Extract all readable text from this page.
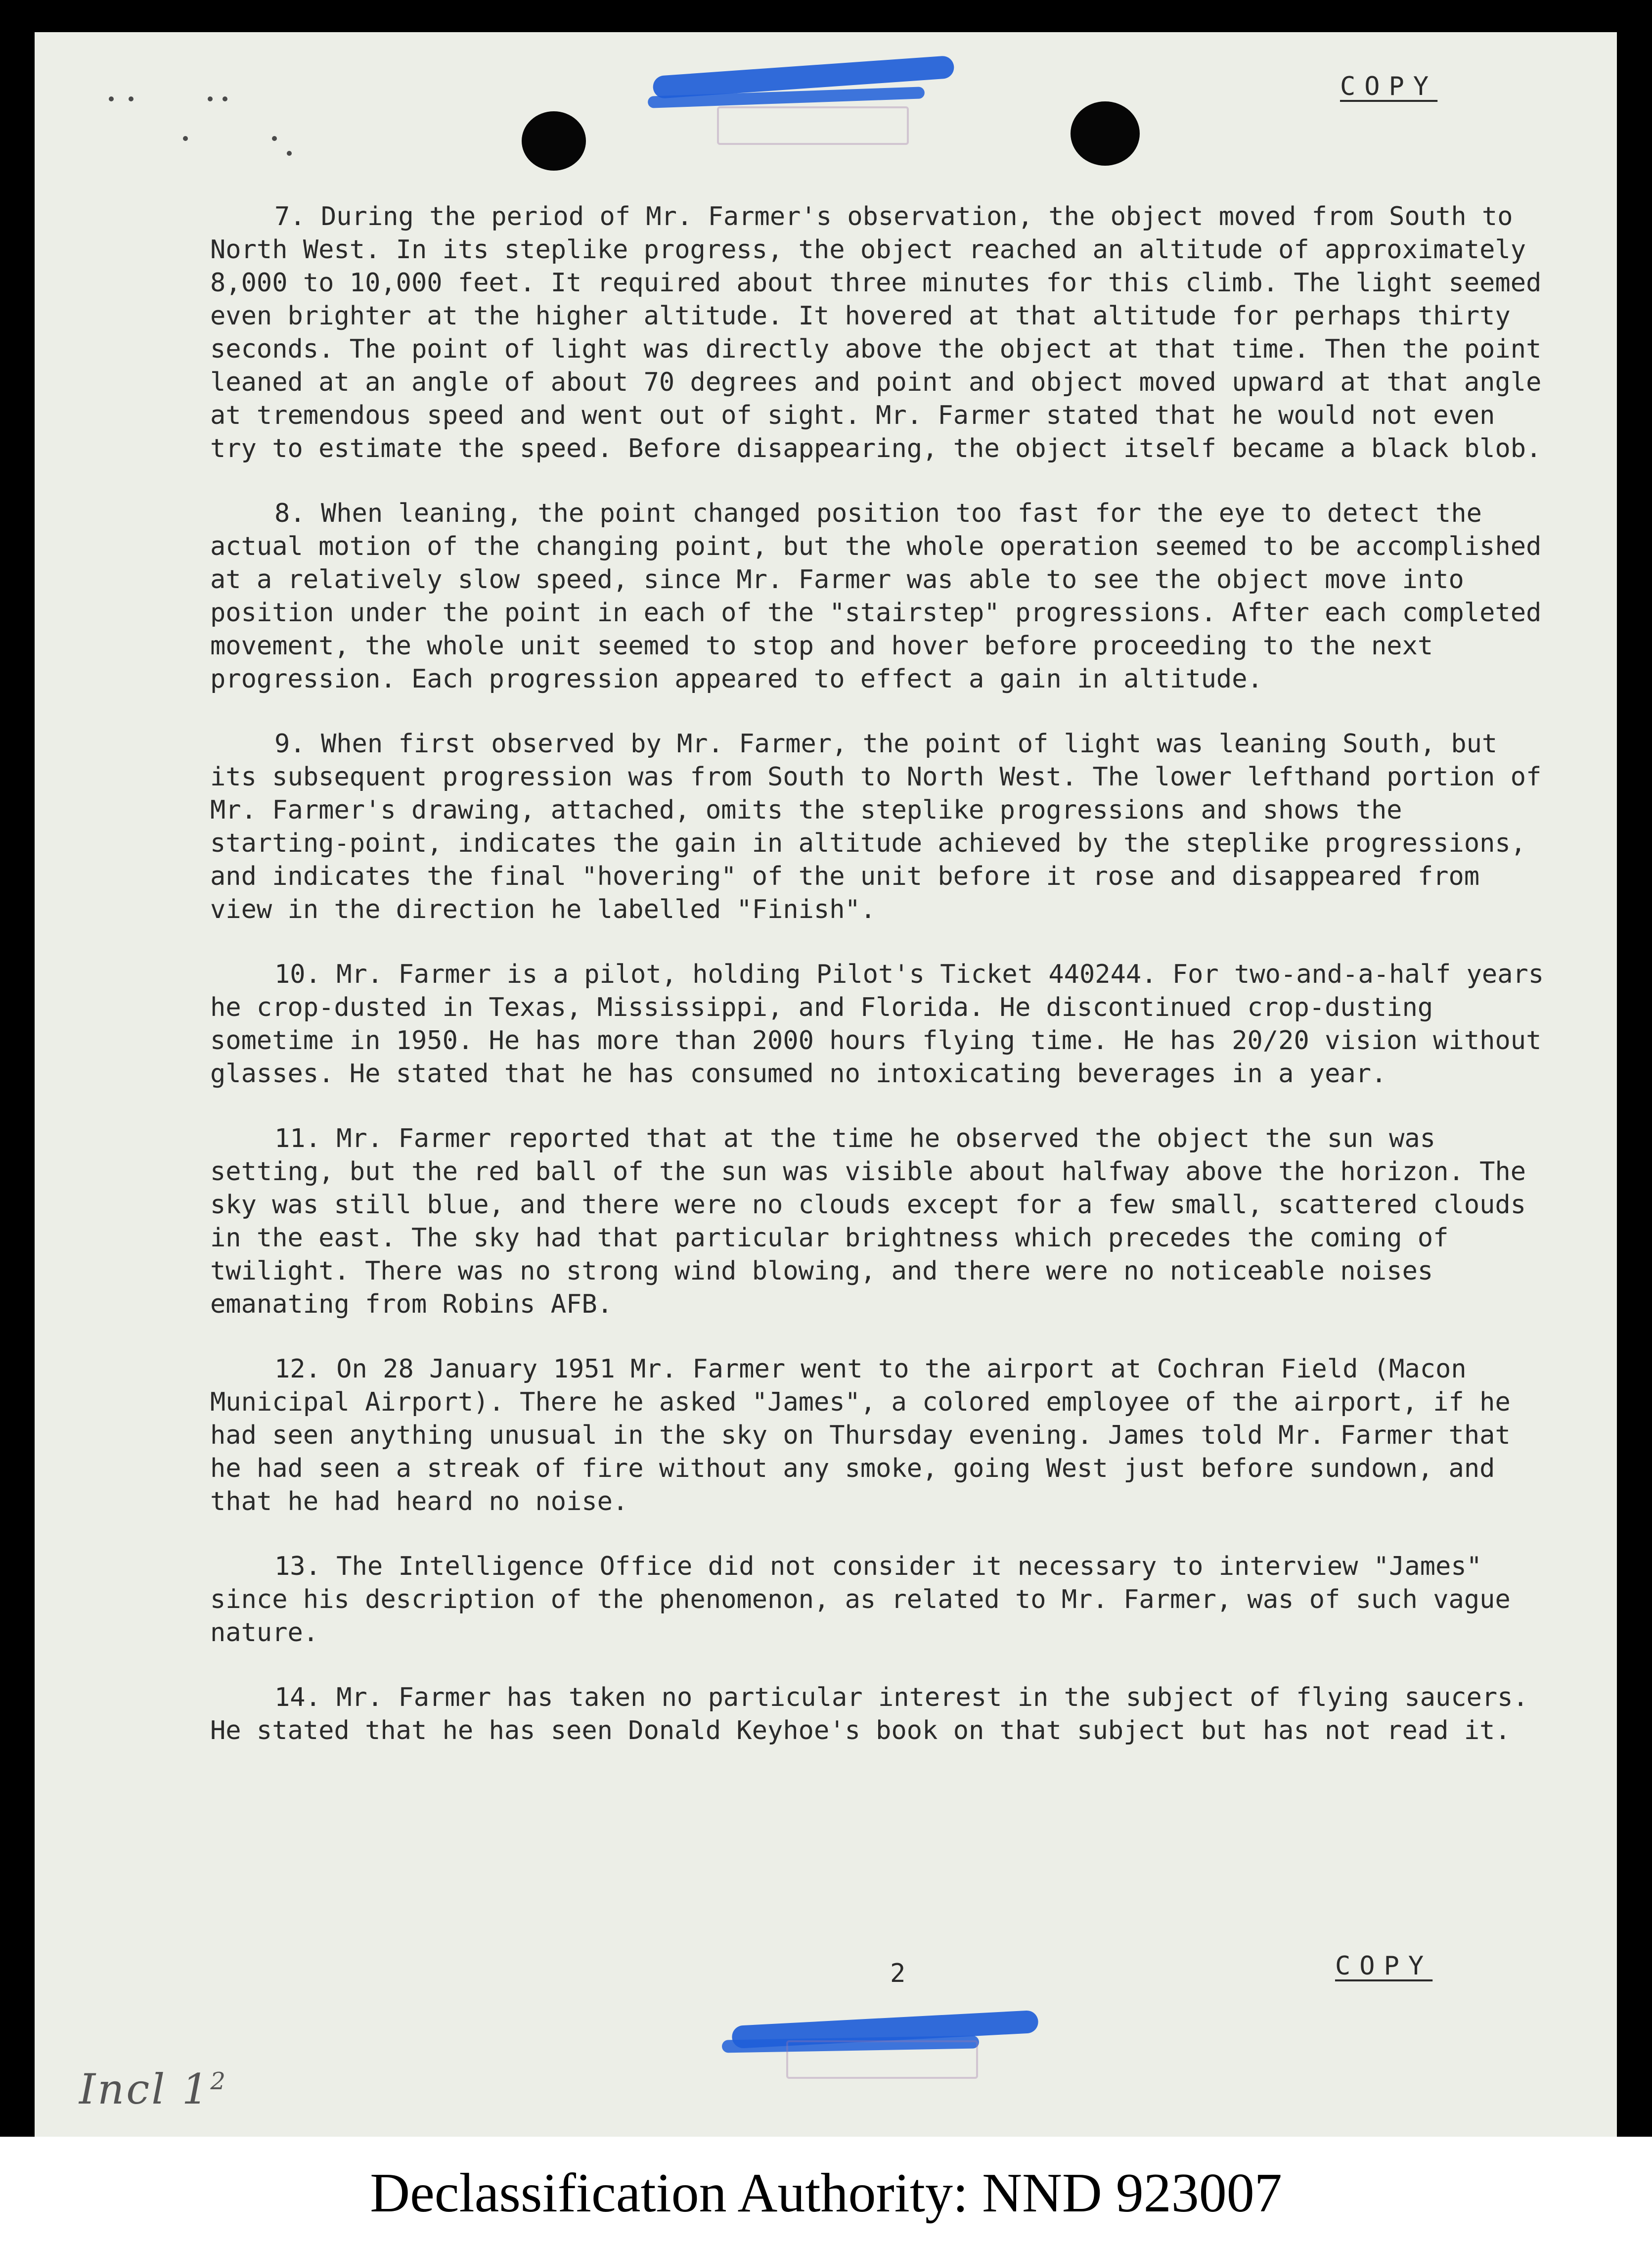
COPY

7. During the period of Mr. Farmer's observation, the object moved from South to North West. In its steplike progress, the object reached an altitude of approximately 8,000 to 10,000 feet. It required about three minutes for this climb. The light seemed even brighter at the higher altitude. It hovered at that altitude for perhaps thirty seconds. The point of light was directly above the object at that time. Then the point leaned at an angle of about 70 degrees and point and object moved upward at that angle at tremendous speed and went out of sight. Mr. Farmer stated that he would not even try to estimate the speed. Before disappearing, the object itself became a black blob.

8. When leaning, the point changed position too fast for the eye to detect the actual motion of the changing point, but the whole operation seemed to be accomplished at a relatively slow speed, since Mr. Farmer was able to see the object move into position under the point in each of the "stairstep" progressions. After each completed movement, the whole unit seemed to stop and hover before proceeding to the next progression. Each progression appeared to effect a gain in altitude.

9. When first observed by Mr. Farmer, the point of light was leaning South, but its subsequent progression was from South to North West. The lower lefthand portion of Mr. Farmer's drawing, attached, omits the steplike progressions and shows the starting-point, indicates the gain in altitude achieved by the steplike progressions, and indicates the final "hovering" of the unit before it rose and disappeared from view in the direction he labelled "Finish".

10. Mr. Farmer is a pilot, holding Pilot's Ticket 440244. For two-and-a-half years he crop-dusted in Texas, Mississippi, and Florida. He discontinued crop-dusting sometime in 1950. He has more than 2000 hours flying time. He has 20/20 vision without glasses. He stated that he has consumed no intoxicating beverages in a year.

11. Mr. Farmer reported that at the time he observed the object the sun was setting, but the red ball of the sun was visible about halfway above the horizon. The sky was still blue, and there were no clouds except for a few small, scattered clouds in the east. The sky had that particular brightness which precedes the coming of twilight. There was no strong wind blowing, and there were no noticeable noises emanating from Robins AFB.

12. On 28 January 1951 Mr. Farmer went to the airport at Cochran Field (Macon Municipal Airport). There he asked "James", a colored employee of the airport, if he had seen anything unusual in the sky on Thursday evening. James told Mr. Farmer that he had seen a streak of fire without any smoke, going West just before sundown, and that he had heard no noise.

13. The Intelligence Office did not consider it necessary to interview "James" since his description of the phenomenon, as related to Mr. Farmer, was of such vague nature.

14. Mr. Farmer has taken no particular interest in the subject of flying saucers. He stated that he has seen Donald Keyhoe's book on that subject but has not read it.

2	COPY
Incl $1^2$
Declassification Authority: NND 923007
